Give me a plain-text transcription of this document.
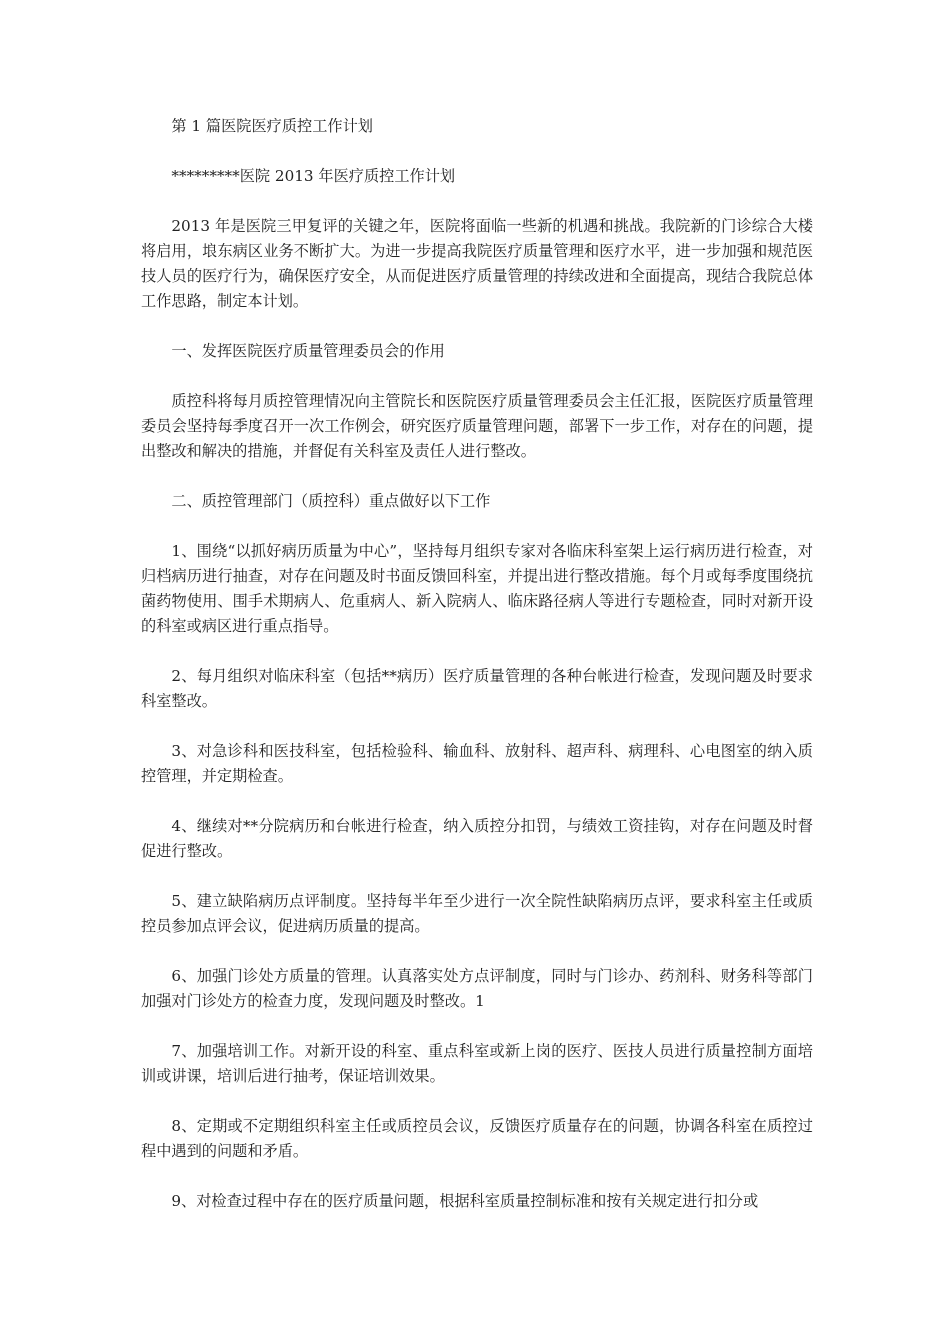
第 1 篇医院医疗质控工作计划

*********医院 2013 年医疗质控工作计划

2013 年是医院三甲复评的关键之年，医院将面临一些新的机遇和挑战。我院新的门诊综合大楼将启用，埌东病区业务不断扩大。为进一步提高我院医疗质量管理和医疗水平，进一步加强和规范医技人员的医疗行为，确保医疗安全，从而促进医疗质量管理的持续改进和全面提高，现结合我院总体工作思路，制定本计划。

一、发挥医院医疗质量管理委员会的作用

质控科将每月质控管理情况向主管院长和医院医疗质量管理委员会主任汇报，医院医疗质量管理委员会坚持每季度召开一次工作例会，研究医疗质量管理问题，部署下一步工作，对存在的问题，提出整改和解决的措施，并督促有关科室及责任人进行整改。

二、质控管理部门（质控科）重点做好以下工作

1、围绕“以抓好病历质量为中心”，坚持每月组织专家对各临床科室架上运行病历进行检查，对归档病历进行抽查，对存在问题及时书面反馈回科室，并提出进行整改措施。每个月或每季度围绕抗菌药物使用、围手术期病人、危重病人、新入院病人、临床路径病人等进行专题检查，同时对新开设的科室或病区进行重点指导。

2、每月组织对临床科室（包括**病历）医疗质量管理的各种台帐进行检查，发现问题及时要求科室整改。

3、对急诊科和医技科室，包括检验科、输血科、放射科、超声科、病理科、心电图室的纳入质控管理，并定期检查。

4、继续对**分院病历和台帐进行检查，纳入质控分扣罚，与绩效工资挂钩，对存在问题及时督促进行整改。

5、建立缺陷病历点评制度。坚持每半年至少进行一次全院性缺陷病历点评，要求科室主任或质控员参加点评会议，促进病历质量的提高。

6、加强门诊处方质量的管理。认真落实处方点评制度，同时与门诊办、药剂科、财务科等部门加强对门诊处方的检查力度，发现问题及时整改。1

7、加强培训工作。对新开设的科室、重点科室或新上岗的医疗、医技人员进行质量控制方面培训或讲课，培训后进行抽考，保证培训效果。

8、定期或不定期组织科室主任或质控员会议，反馈医疗质量存在的问题，协调各科室在质控过程中遇到的问题和矛盾。

9、对检查过程中存在的医疗质量问题，根据科室质量控制标准和按有关规定进行扣分或
